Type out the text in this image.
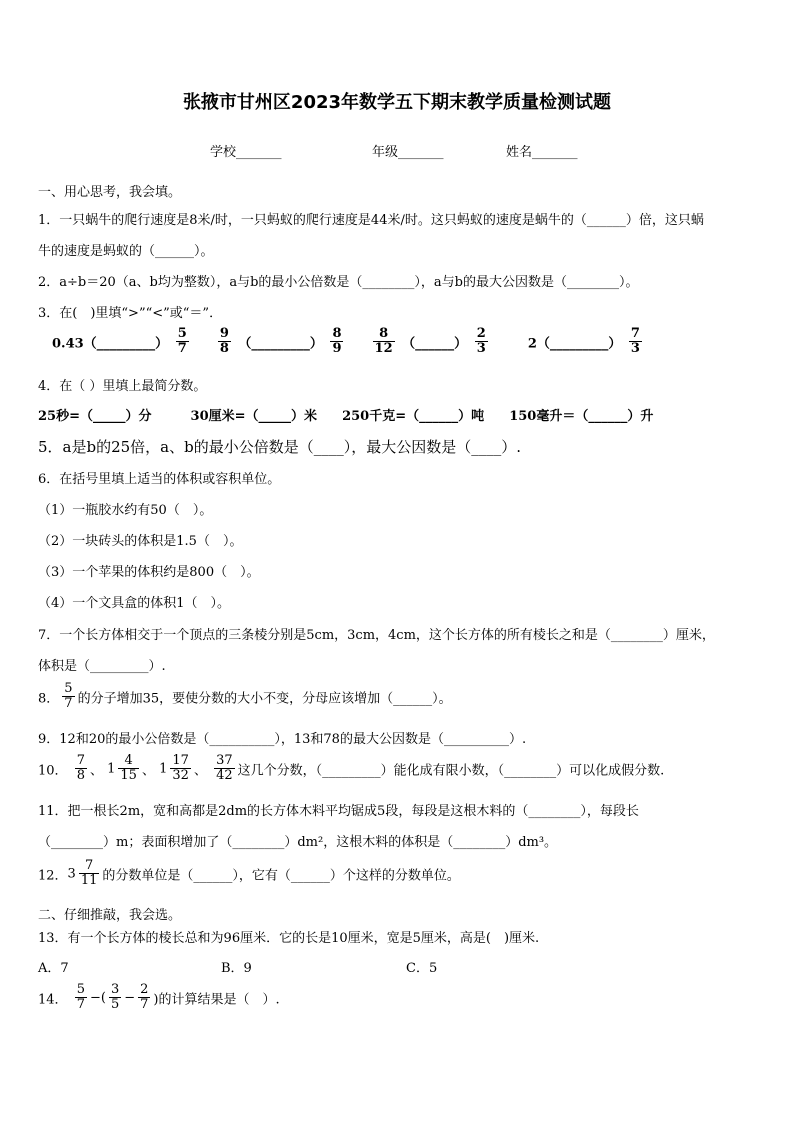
张掖市甘州区2023年数学五下期末教学质量检测试题
学校_______	年级_______	姓名_______
一、用心思考，我会填。
1．一只蜗牛的爬行速度是8米/时，一只蚂蚁的爬行速度是44米/时。这只蚂蚁的速度是蜗牛的（______）倍，这只蜗
牛的速度是蚂蚁的（______）。
2．a÷b＝20（a、b均为整数），a与b的最小公倍数是（________），a与b的最大公因数是（________）。
3．在(　)里填“>”“<”或“＝”．
0.43（_________） $\frac{5}{7}$
$\frac{9}{8}$ （_________） $\frac{8}{9}$
$\frac{8}{12}$ （______） $\frac{2}{3}$	2（_________） $\frac{7}{3}$
4．在（ ）里填上最简分数。
25秒=（_____）分	30厘米=（_____）米 250千克=（______）吨 150毫升＝（______）升
5．a是b的25倍，a、b的最小公倍数是（____），最大公因数是（____）.
6．在括号里填上适当的体积或容积单位。
（1）一瓶胶水约有50（　）。
（2）一块砖头的体积是1.5（　）。
（3）一个苹果的体积约是800（　）。
（4）一个文具盒的体积1（　）。
7．一个长方体相交于一个顶点的三条棱分别是5cm，3cm，4cm，这个长方体的所有棱长之和是（________）厘米，
体积是（_________）.
8． $\frac{5}{7}$ 的分子增加35，要使分数的大小不变，分母应该增加（______）。
9．12和20的最小公倍数是（__________），13和78的最大公因数是（__________）.
10． $\frac{7}{8}$ 、 $1 \frac{4}{15}$ 、 $1 \frac{17}{32}$ 、 $\frac{37}{42}$ 这几个分数，（_________）能化成有限小数，（________）可以化成假分数.
11．把一根长2m，宽和高都是2dm的长方体木料平均锯成5段，每段是这根木料的（________），每段长
（________）m；表面积增加了（________）dm²，这根木料的体积是（________）dm³。
12．$3 \frac{7}{11}$ 的分数单位是（______），它有（______）个这样的分数单位。
二、仔细推敲，我会选。
13．有一个长方体的棱长总和为96厘米．它的长是10厘米，宽是5厘米，高是(　)厘米.
A．7	B．9	C．5
14． $\frac{5}{7}$ −( $\frac{3}{5} - \frac{2}{7}$ )的计算结果是（　）.
